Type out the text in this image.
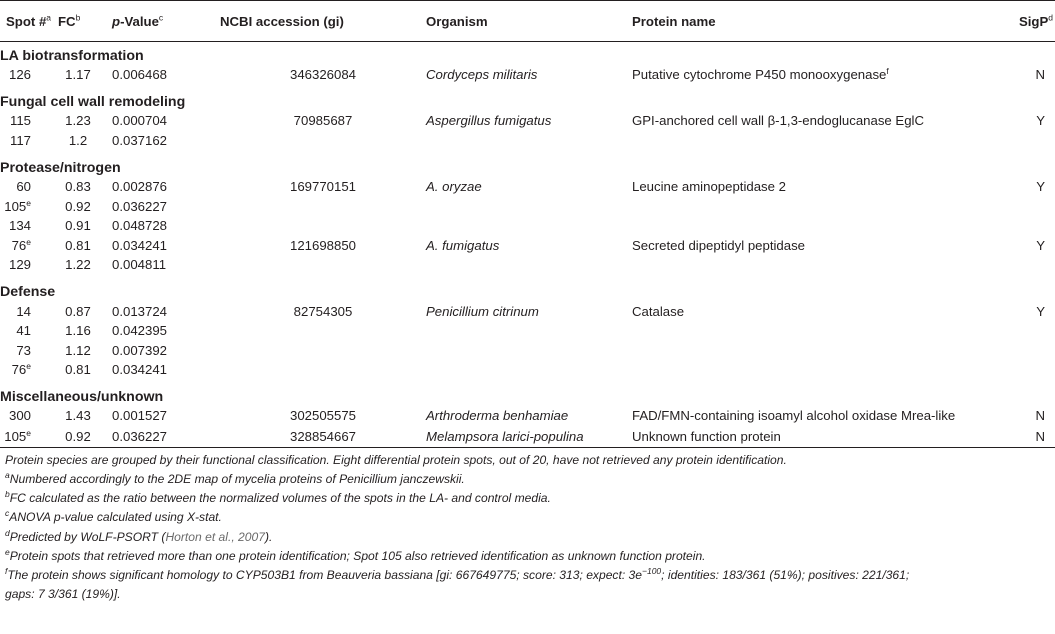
Spot #$^a$	$FC^b$	p-Value$^c$	NCBI accession (gi)	Organism	Protein name	SigP$^d$
LA biotransformation						
126	1.17	0.006468	346326084	Cordyceps militaris	Putative cytochrome P450 monooxygenase$^f$	N
Fungal cell wall remodeling						
115	1.23	0.000704	70985687	Aspergillus fumigatus	GPI-anchored cell wall β-1,3-endoglucanase EglC	Y
117	1.2	0.037162				
Protease/nitrogen						
60	0.83	0.002876	169770151	A. oryzae	Leucine aminopeptidase 2	Y
105e	0.92	0.036227				
134	0.91	0.048728				
76e	0.81	0.034241	121698850	A. fumigatus	Secreted dipeptidyl peptidase	Y
129	1.22	0.004811				
Defense						
14	0.87	0.013724	82754305	Penicillium citrinum	Catalase	Y
41	1.16	0.042395				
73	1.12	0.007392				
76e	0.81	0.034241				
Miscellaneous/unknown						
300	1.43	0.001527	302505575	Arthroderma benhamiae	FAD/FMN-containing isoamyl alcohol oxidase Mrea-like	N
105e	0.92	0.036227	328854667	Melampsora larici-populina	Unknown function protein	N

Protein species are grouped by their functional classification. Eight differential protein spots, out of 20, have not retrieved any protein identification.

$^a$Numbered accordingly to the 2DE map of mycelia proteins of Penicillium janczewskii.

$^b$FC calculated as the ratio between the normalized volumes of the spots in the LA- and control media.

$^c$ANOVA p-value calculated using X-stat.

$^d$Predicted by WoLF-PSORT (Horton et al., 2007).

$^e$Protein spots that retrieved more than one protein identification; Spot 105 also retrieved identification as unknown function protein.

$^f$The protein shows significant homology to CYP503B1 from Beauveria bassiana [gi: 667649775; score: 313; expect: $3e^{-100}$; identities: 183/361 (51%); positives: 221/361;

gaps: 7 3/361 (19%)].
